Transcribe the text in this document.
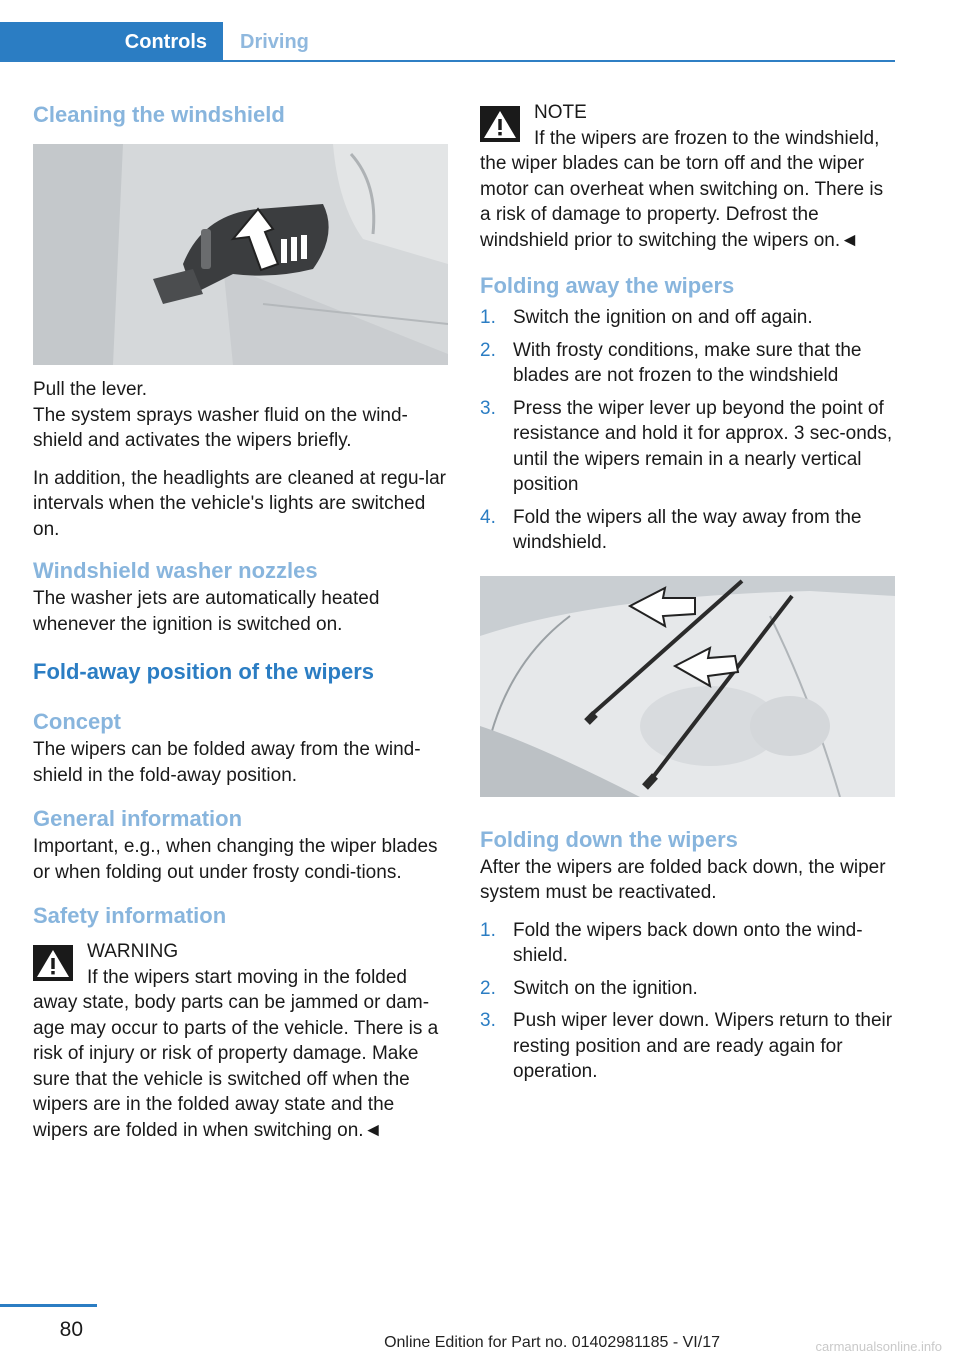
Controls	Driving
Cleaning the windshield

Pull the lever.

The system sprays washer fluid on the wind‐shield and activates the wipers briefly.

In addition, the headlights are cleaned at regu‐lar intervals when the vehicle's lights are switched on.

Windshield washer nozzles

The washer jets are automatically heated whenever the ignition is switched on.

Fold-away position of the wipers
Concept

The wipers can be folded away from the wind‐shield in the fold-away position.

General information

Important, e.g., when changing the wiper blades or when folding out under frosty condi‐tions.

Safety information

WARNING

If the wipers start moving in the folded

away state, body parts can be jammed or dam‐age may occur to parts of the vehicle. There is a risk of injury or risk of property damage. Make sure that the vehicle is switched off when the wipers are in the folded away state and the wipers are folded in when switching on.◄

NOTE

If the wipers are frozen to the windshield,

the wiper blades can be torn off and the wiper motor can overheat when switching on. There is a risk of damage to property. Defrost the windshield prior to switching the wipers on.◄

Folding away the wipers
1. Switch the ignition on and off again.
2. With frosty conditions, make sure that the blades are not frozen to the windshield
3. Press the wiper lever up beyond the point of resistance and hold it for approx. 3 sec‐onds, until the wipers remain in a nearly vertical position
4. Fold the wipers all the way away from the windshield.
Folding down the wipers

After the wipers are folded back down, the wiper system must be reactivated.

1. Fold the wipers back down onto the wind‐shield.
2. Switch on the ignition.
3. Push wiper lever down. Wipers return to their resting position and are ready again for operation.
80
Online Edition for Part no. 01402981185 - VI/17	carmanualsonline.info
